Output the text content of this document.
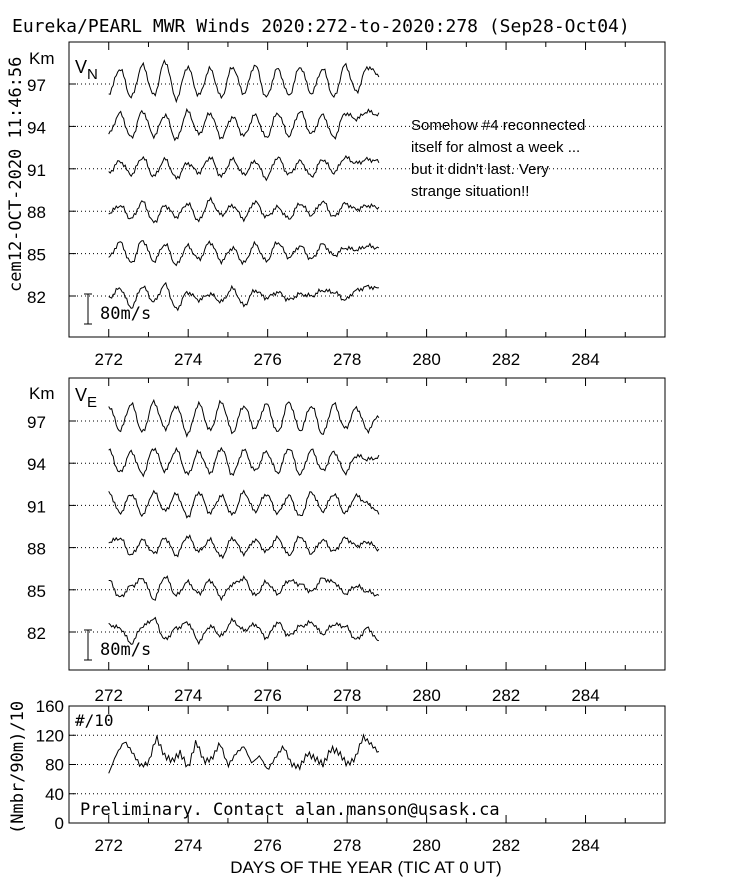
Eureka/PEARL MWR Winds 2020:272-to-2020:278 (Sep28-Oct04)
cem12-OCT-2020 11:46:56 Km $V_N$
82
85
88
91
94
97
80m/s
Somehow #4 reconnected itself for almost a week ... but it didn't last. Very strange situation!!
272	274	276	278	280	282	284
Km $V_E$
82
85
88
91
94
97
80m/s
272	274	276	278	280	282	284
#/10
(Nmbr/90m)/10 0
40
80
120
160
Preliminary. Contact alan.manson@usask.ca
272	274	276	278	280	282	284
DAYS OF THE YEAR (TIC AT 0 UT)
